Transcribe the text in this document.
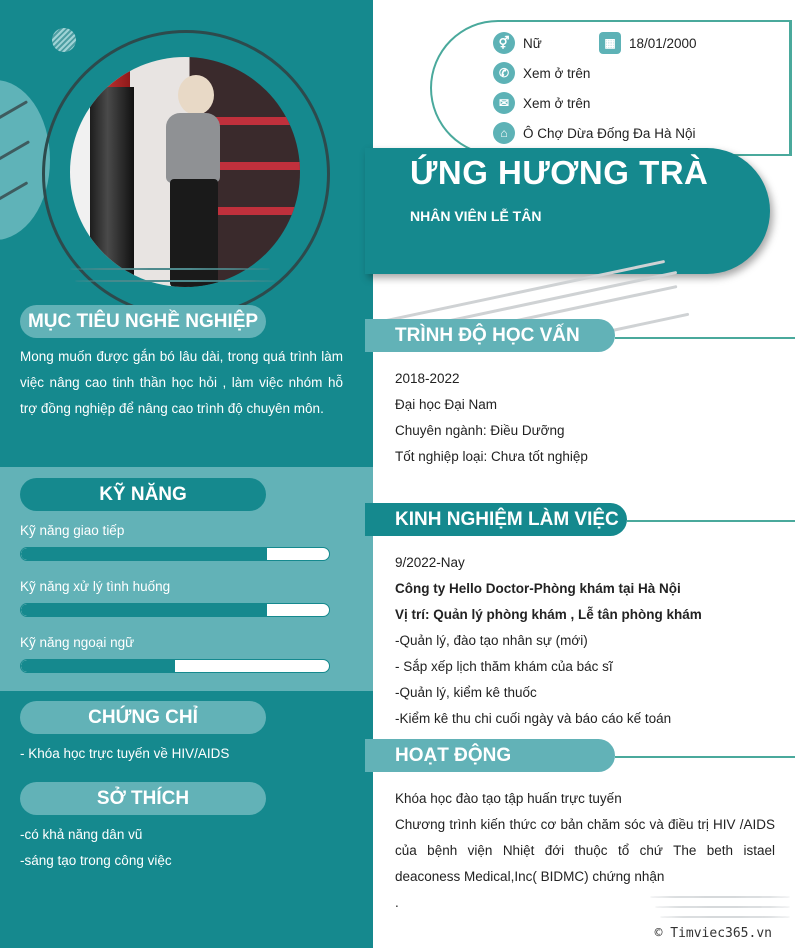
MỤC TIÊU NGHỀ NGHIỆP
Mong muốn được gắn bó lâu dài, trong quá trình làm việc nâng cao tinh thần học hỏi , làm việc nhóm hỗ trợ đồng nghiệp để nâng cao trình độ chuyên môn.
KỸ NĂNG
Kỹ năng giao tiếp
Kỹ năng xử lý tình huống
Kỹ năng ngoại ngữ
CHỨNG CHỈ
- Khóa học trực tuyến về HIV/AIDS
SỞ THÍCH
-có khả năng dân vũ
-sáng tạo trong công việc
⚥	Nữ	▦ 18/01/2000
✆	Xem ở trên
✉	Xem ở trên
⌂	Ô Chợ Dừa Đống Đa Hà Nội
ỨNG HƯƠNG TRÀ
NHÂN VIÊN LỄ TÂN
TRÌNH ĐỘ HỌC VẤN
2018-2022
Đại học Đại Nam
Chuyên ngành: Điều Dưỡng
Tốt nghiệp loại: Chưa tốt nghiệp
KINH NGHIỆM LÀM VIỆC
9/2022-Nay
Công ty Hello Doctor-Phòng khám tại Hà Nội
Vị trí: Quản lý phòng khám , Lễ tân phòng khám
-Quản lý, đào tạo nhân sự (mới)
- Sắp xếp lịch thăm khám của bác sĩ
-Quản lý, kiểm kê thuốc
-Kiểm kê thu chi cuối ngày và báo cáo kế toán
HOẠT ĐỘNG
Khóa học đào tạo tập huấn trực tuyến
Chương trình kiến thức cơ bản chăm sóc và điều trị HIV /AIDS của bệnh viện Nhiệt đới thuộc tổ chứ The beth istael deaconess Medical,Inc( BIDMC) chứng nhận
.
© Timviec365.vn
